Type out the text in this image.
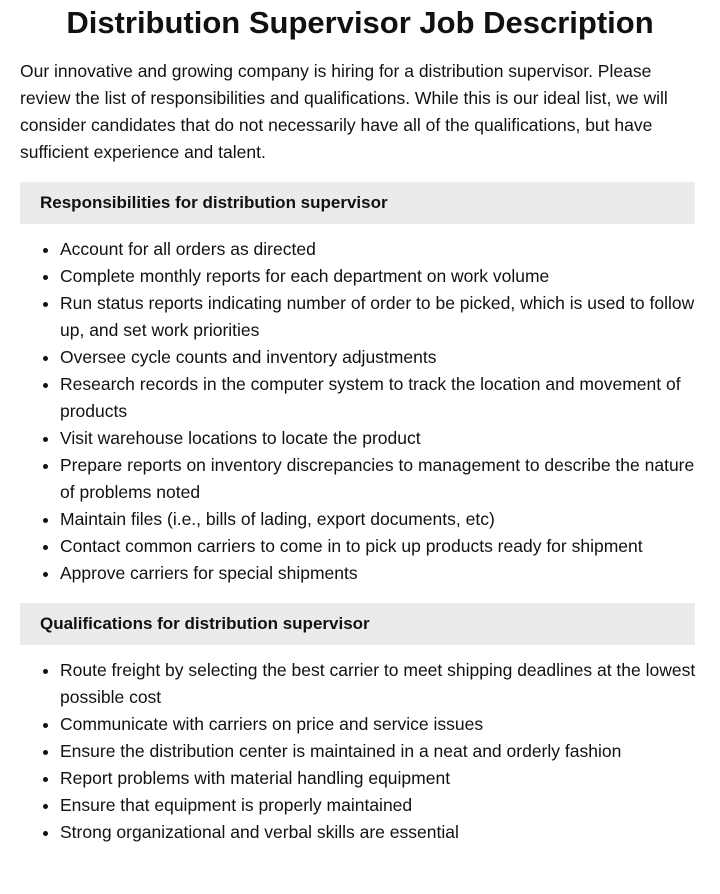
Distribution Supervisor Job Description

Our innovative and growing company is hiring for a distribution supervisor. Please review the list of responsibilities and qualifications. While this is our ideal list, we will consider candidates that do not necessarily have all of the qualifications, but have sufficient experience and talent.

Responsibilities for distribution supervisor
• Account for all orders as directed
• Complete monthly reports for each department on work volume
• Run status reports indicating number of order to be picked, which is used to follow up, and set work priorities
• Oversee cycle counts and inventory adjustments
• Research records in the computer system to track the location and movement of products
• Visit warehouse locations to locate the product
• Prepare reports on inventory discrepancies to management to describe the nature of problems noted
• Maintain files (i.e., bills of lading, export documents, etc)
• Contact common carriers to come in to pick up products ready for shipment
• Approve carriers for special shipments
Qualifications for distribution supervisor
• Route freight by selecting the best carrier to meet shipping deadlines at the lowest possible cost
• Communicate with carriers on price and service issues
• Ensure the distribution center is maintained in a neat and orderly fashion
• Report problems with material handling equipment
• Ensure that equipment is properly maintained
• Strong organizational and verbal skills are essential
